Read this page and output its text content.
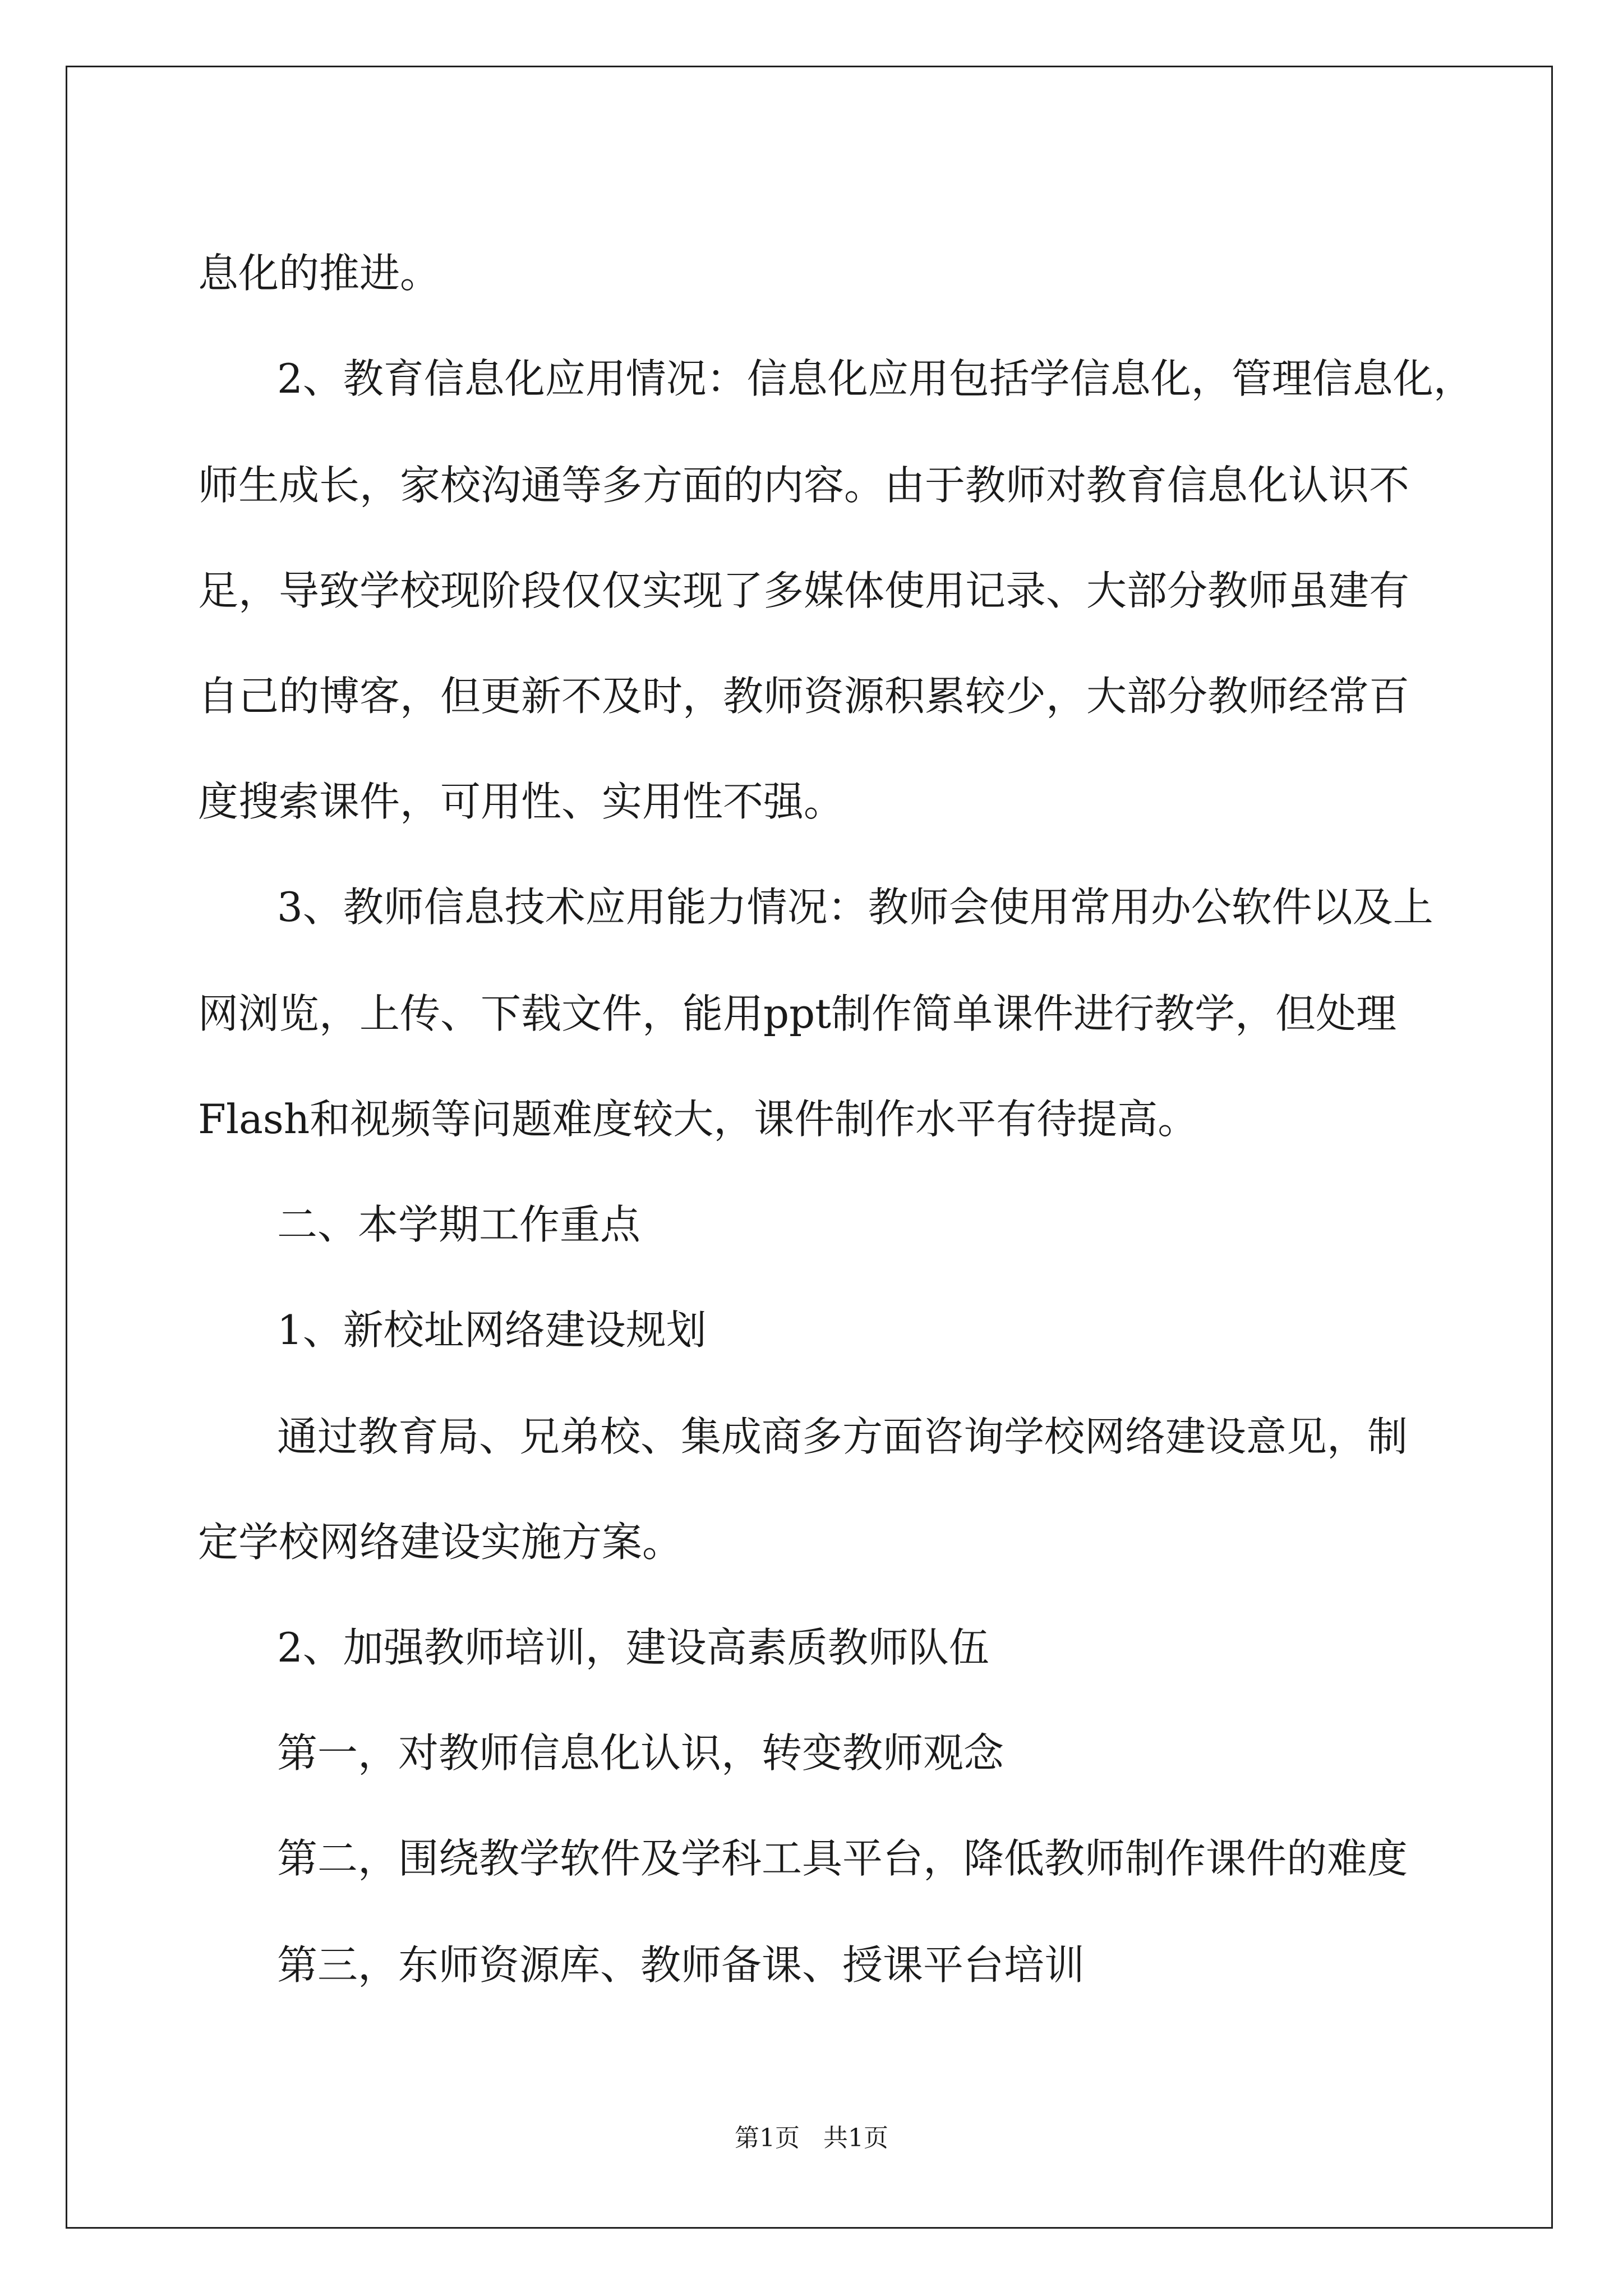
息化的推进。
2、教育信息化应用情况：信息化应用包括学信息化，管理信息化，
师生成长，家校沟通等多方面的内容。由于教师对教育信息化认识不
足，导致学校现阶段仅仅实现了多媒体使用记录、大部分教师虽建有
自己的博客，但更新不及时，教师资源积累较少，大部分教师经常百
度搜索课件，可用性、实用性不强。
3、教师信息技术应用能力情况：教师会使用常用办公软件以及上
网浏览，上传、下载文件，能用ppt制作简单课件进行教学，但处理
Flash和视频等问题难度较大，课件制作水平有待提高。
二、本学期工作重点
1、新校址网络建设规划
通过教育局、兄弟校、集成商多方面咨询学校网络建设意见，制
定学校网络建设实施方案。
2、加强教师培训，建设高素质教师队伍
第一，对教师信息化认识，转变教师观念
第二，围绕教学软件及学科工具平台，降低教师制作课件的难度
第三，东师资源库、教师备课、授课平台培训
第1页   共1页
